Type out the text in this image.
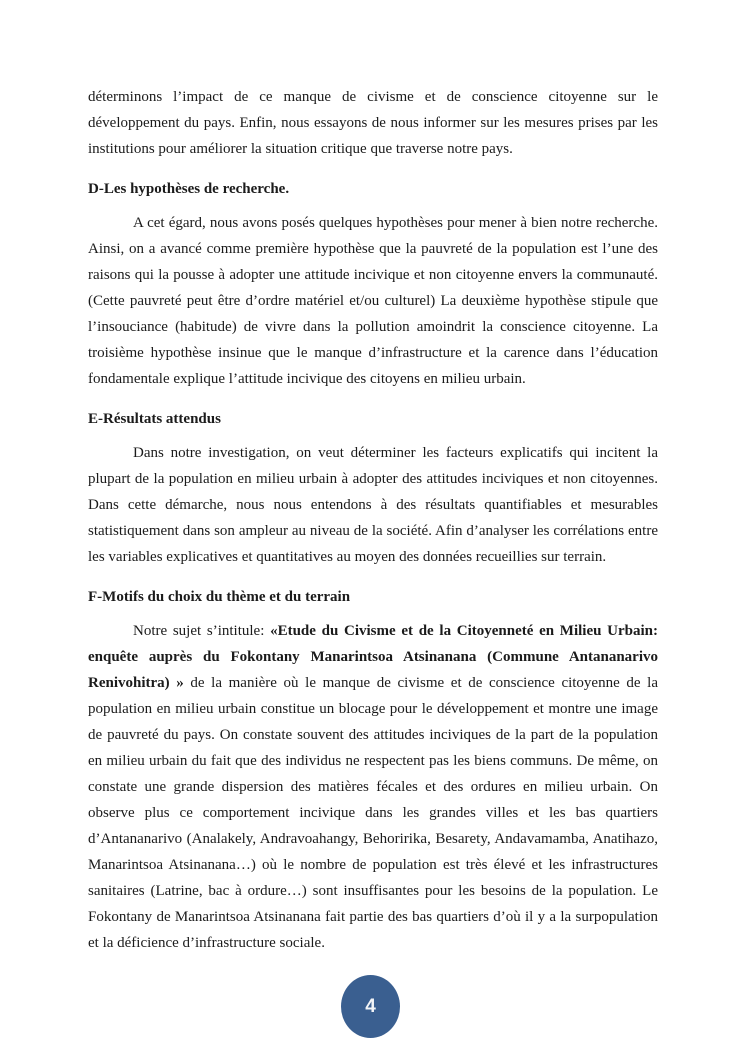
déterminons l’impact de ce manque de civisme et de conscience citoyenne sur le développement du pays. Enfin, nous essayons de nous informer sur les mesures prises par les institutions pour améliorer la situation critique que traverse notre pays.

D-Les hypothèses de recherche.

A cet égard, nous avons posés quelques hypothèses pour mener à bien notre recherche. Ainsi, on a avancé comme première hypothèse que la pauvreté de la population est l’une des raisons qui la pousse à adopter une attitude incivique et non citoyenne envers la communauté. (Cette pauvreté peut être d’ordre matériel et/ou culturel) La deuxième hypothèse stipule que l’insouciance (habitude) de vivre dans la pollution amoindrit la conscience citoyenne. La troisième hypothèse insinue que le manque d’infrastructure et la carence dans l’éducation fondamentale explique l’attitude incivique des citoyens en milieu urbain.

E-Résultats attendus

Dans notre investigation, on veut déterminer les facteurs explicatifs qui incitent la plupart de la population en milieu urbain à adopter des attitudes inciviques et non citoyennes. Dans cette démarche, nous nous entendons à des résultats quantifiables et mesurables statistiquement dans son ampleur au niveau de la société. Afin d’analyser les corrélations entre les variables explicatives et quantitatives au moyen des données recueillies sur terrain.

F-Motifs du choix du thème et du terrain

Notre sujet s’intitule: «Etude du Civisme et de la Citoyenneté en Milieu Urbain: enquête auprès du Fokontany Manarintsoa Atsinanana (Commune Antananarivo Renivohitra) » de la manière où le manque de civisme et de conscience citoyenne de la population en milieu urbain constitue un blocage pour le développement et montre une image de pauvreté du pays. On constate souvent des attitudes inciviques de la part de la population en milieu urbain du fait que des individus ne respectent pas les biens communs. De même, on constate une grande dispersion des matières fécales et des ordures en milieu urbain. On observe plus ce comportement incivique dans les grandes villes et les bas quartiers d’Antananarivo (Analakely, Andravoahangy, Behoririka, Besarety, Andavamamba, Anatihazo, Manarintsoa Atsinanana…) où le nombre de population est très élevé et les infrastructures sanitaires (Latrine, bac à ordure…) sont insuffisantes pour les besoins de la population. Le Fokontany de Manarintsoa Atsinanana fait partie des bas quartiers d’où il y a la surpopulation et la déficience d’infrastructure sociale.

4
